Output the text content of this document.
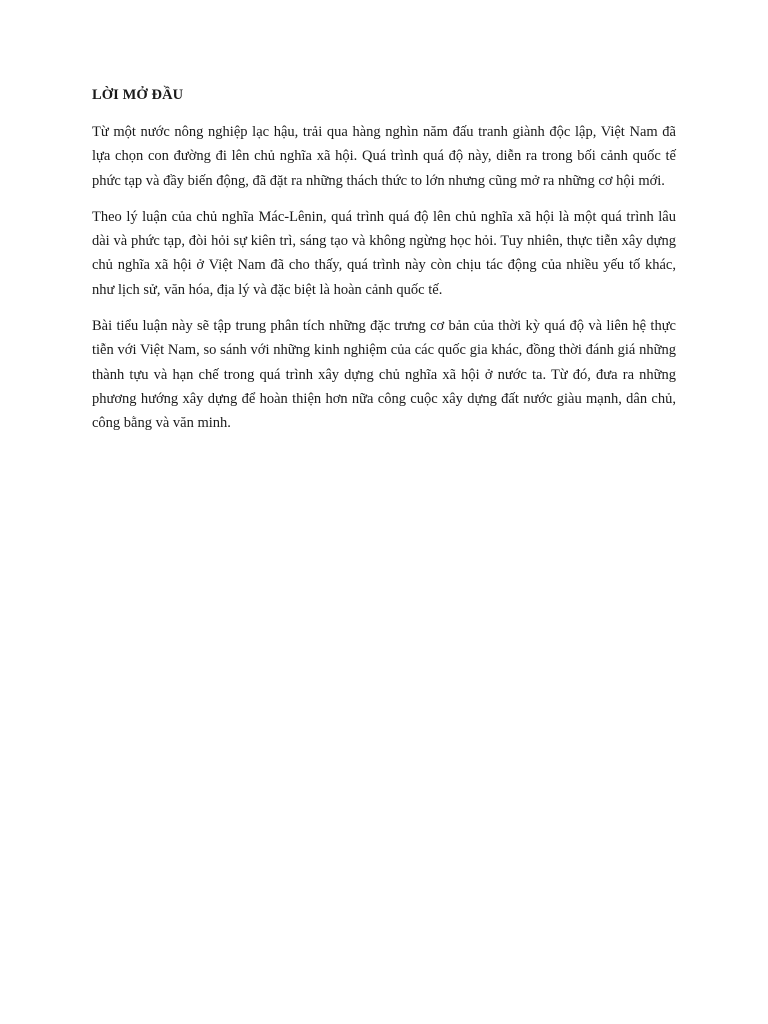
LỜI MỞ ĐẦU

Từ một nước nông nghiệp lạc hậu, trải qua hàng nghìn năm đấu tranh giành độc lập, Việt Nam đã lựa chọn con đường đi lên chủ nghĩa xã hội. Quá trình quá độ này, diễn ra trong bối cảnh quốc tế phức tạp và đầy biến động, đã đặt ra những thách thức to lớn nhưng cũng mở ra những cơ hội mới.

Theo lý luận của chủ nghĩa Mác-Lênin, quá trình quá độ lên chủ nghĩa xã hội là một quá trình lâu dài và phức tạp, đòi hỏi sự kiên trì, sáng tạo và không ngừng học hỏi. Tuy nhiên, thực tiễn xây dựng chủ nghĩa xã hội ở Việt Nam đã cho thấy, quá trình này còn chịu tác động của nhiều yếu tố khác, như lịch sử, văn hóa, địa lý và đặc biệt là hoàn cảnh quốc tế.

Bài tiểu luận này sẽ tập trung phân tích những đặc trưng cơ bản của thời kỳ quá độ và liên hệ thực tiễn với Việt Nam, so sánh với những kinh nghiệm của các quốc gia khác, đồng thời đánh giá những thành tựu và hạn chế trong quá trình xây dựng chủ nghĩa xã hội ở nước ta. Từ đó, đưa ra những phương hướng xây dựng để hoàn thiện hơn nữa công cuộc xây dựng đất nước giàu mạnh, dân chủ, công bằng và văn minh.
